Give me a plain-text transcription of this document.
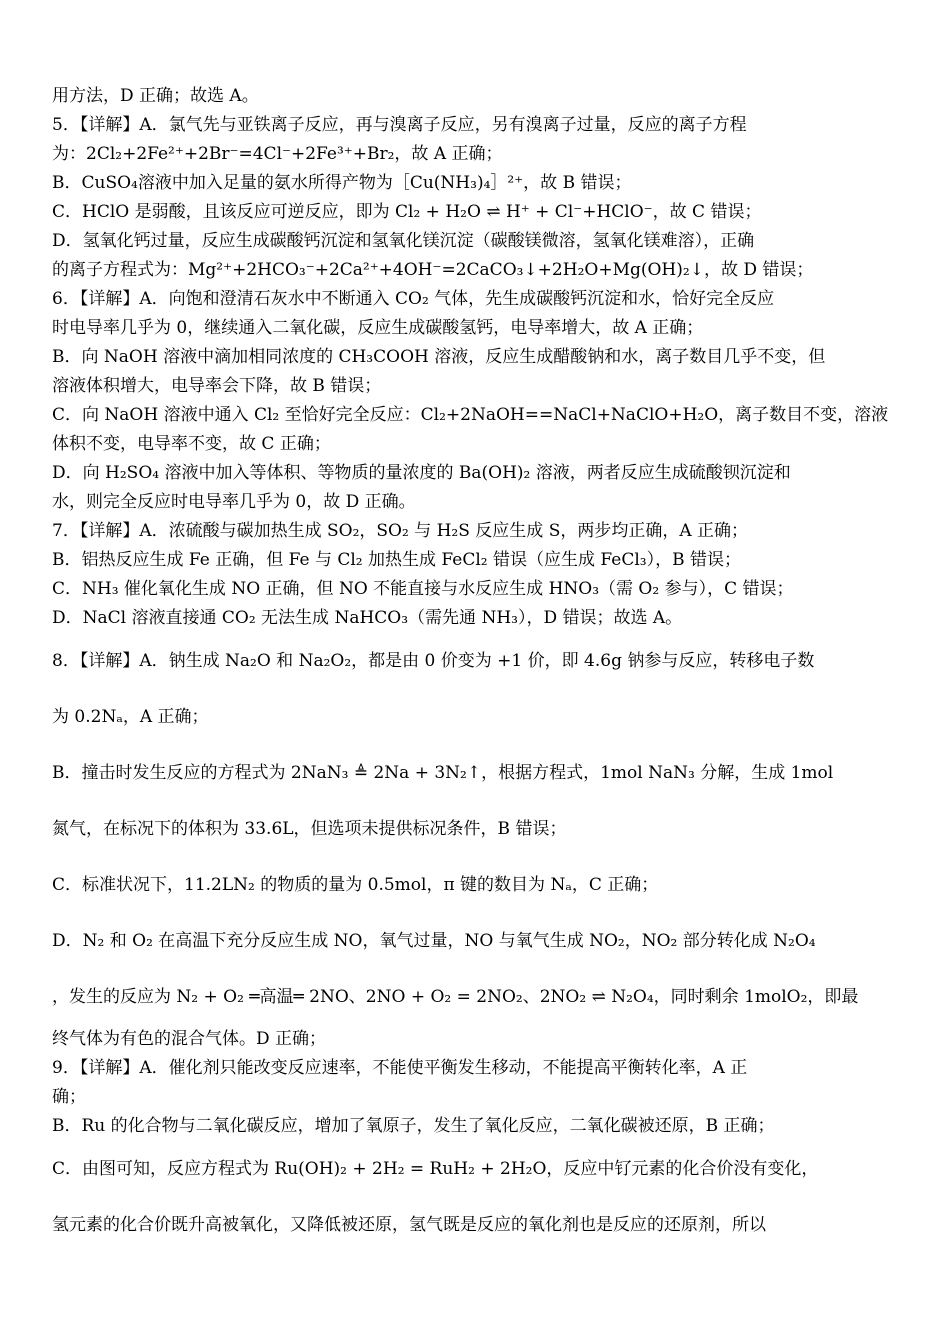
用方法，D 正确；故选 A。

5．【详解】A．氯气先与亚铁离子反应，再与溴离子反应，另有溴离子过量，反应的离子方程

为：2Cl₂+2Fe²⁺+2Br⁻=4Cl⁻+2Fe³⁺+Br₂，故 A 正确；

B．CuSO₄溶液中加入足量的氨水所得产物为［Cu(NH₃)₄］²⁺，故 B 错误；

C．HClO 是弱酸，且该反应可逆反应，即为 Cl₂ + H₂O ⇌ H⁺ + Cl⁻+HClO⁻，故 C 错误；

D．氢氧化钙过量，反应生成碳酸钙沉淀和氢氧化镁沉淀（碳酸镁微溶，氢氧化镁难溶），正确

的离子方程式为：Mg²⁺+2HCO₃⁻+2Ca²⁺+4OH⁻=2CaCO₃↓+2H₂O+Mg(OH)₂↓，故 D 错误；

6．【详解】A．向饱和澄清石灰水中不断通入 CO₂ 气体，先生成碳酸钙沉淀和水，恰好完全反应

时电导率几乎为 0，继续通入二氧化碳，反应生成碳酸氢钙，电导率增大，故 A 正确；

B．向 NaOH 溶液中滴加相同浓度的 CH₃COOH 溶液，反应生成醋酸钠和水，离子数目几乎不变，但

溶液体积增大，电导率会下降，故 B 错误；

C．向 NaOH 溶液中通入 Cl₂ 至恰好完全反应：Cl₂+2NaOH==NaCl+NaClO+H₂O，离子数目不变，溶液

体积不变，电导率不变，故 C 正确；

D．向 H₂SO₄ 溶液中加入等体积、等物质的量浓度的 Ba(OH)₂ 溶液，两者反应生成硫酸钡沉淀和

水，则完全反应时电导率几乎为 0，故 D 正确。

7．【详解】A．浓硫酸与碳加热生成 SO₂，SO₂ 与 H₂S 反应生成 S，两步均正确，A 正确；

B．铝热反应生成 Fe 正确，但 Fe 与 Cl₂ 加热生成 FeCl₂ 错误（应生成 FeCl₃），B 错误；

C．NH₃ 催化氧化生成 NO 正确，但 NO 不能直接与水反应生成 HNO₃（需 O₂ 参与），C 错误；

D．NaCl 溶液直接通 CO₂ 无法生成 NaHCO₃（需先通 NH₃），D 错误；故选 A。

8．【详解】A．钠生成 Na₂O 和 Na₂O₂，都是由 0 价变为 +1 价，即 4.6g 钠参与反应，转移电子数

为 0.2Nₐ，A 正确；

B．撞击时发生反应的方程式为 2NaN₃ ≜ 2Na + 3N₂↑，根据方程式，1mol NaN₃ 分解，生成 1mol

氮气，在标况下的体积为 33.6L，但选项未提供标况条件，B 错误；

C．标准状况下，11.2LN₂ 的物质的量为 0.5mol，π 键的数目为 Nₐ，C 正确；

D．N₂ 和 O₂ 在高温下充分反应生成 NO，氧气过量，NO 与氧气生成 NO₂，NO₂ 部分转化成 N₂O₄

，发生的反应为 N₂ + O₂ ═高温═ 2NO、2NO + O₂ = 2NO₂、2NO₂ ⇌ N₂O₄，同时剩余 1molO₂，即最

终气体为有色的混合气体。D 正确；

9．【详解】A．催化剂只能改变反应速率，不能使平衡发生移动，不能提高平衡转化率，A 正

确；

B．Ru 的化合物与二氧化碳反应，增加了氧原子，发生了氧化反应，二氧化碳被还原，B 正确；

C．由图可知，反应方程式为 Ru(OH)₂ + 2H₂ = RuH₂ + 2H₂O，反应中钌元素的化合价没有变化，

氢元素的化合价既升高被氧化，又降低被还原，氢气既是反应的氧化剂也是反应的还原剂，所以
